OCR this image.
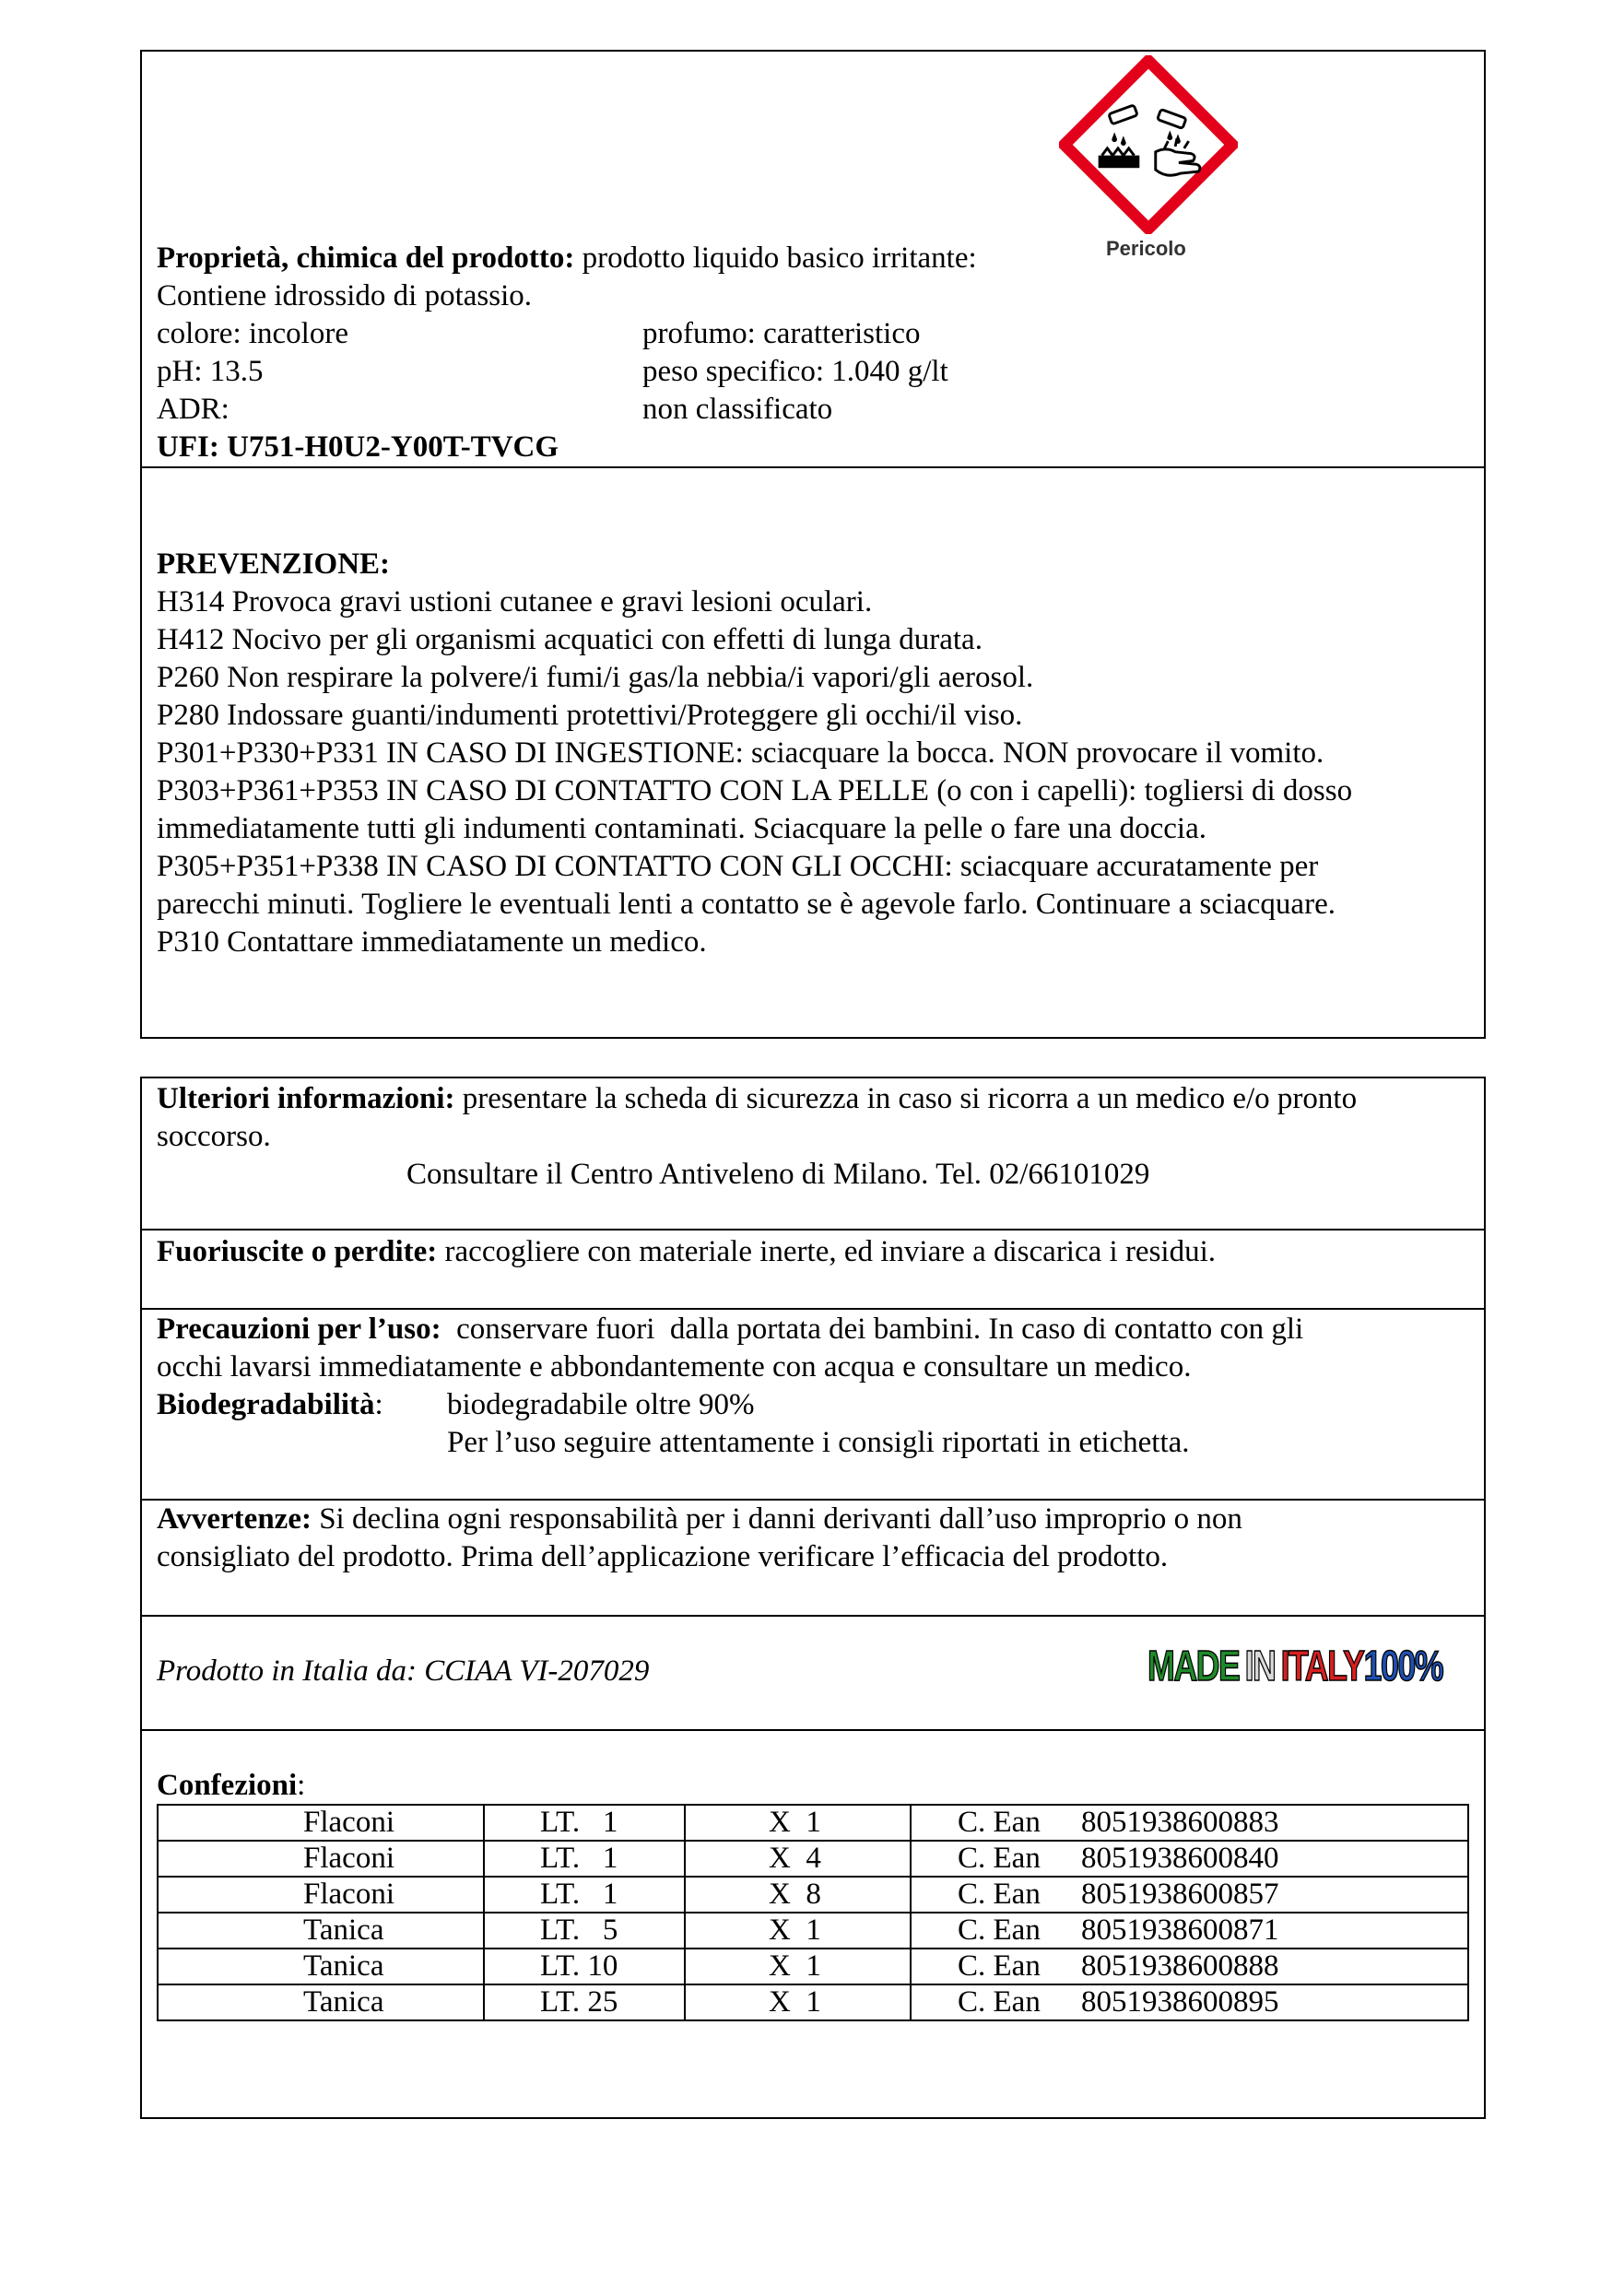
Pericolo
Proprietà, chimica del prodotto: prodotto liquido basico irritante:
Contiene idrossido di potassio.
colore: incolore	profumo: caratteristico
pH: 13.5	peso specifico: 1.040 g/lt
ADR:	non classificato
UFI: U751-H0U2-Y00T-TVCG
PREVENZIONE:
H314 Provoca gravi ustioni cutanee e gravi lesioni oculari.
H412 Nocivo per gli organismi acquatici con effetti di lunga durata.
P260 Non respirare la polvere/i fumi/i gas/la nebbia/i vapori/gli aerosol.
P280 Indossare guanti/indumenti protettivi/Proteggere gli occhi/il viso.
P301+P330+P331 IN CASO DI INGESTIONE: sciacquare la bocca. NON provocare il vomito.
P303+P361+P353 IN CASO DI CONTATTO CON LA PELLE (o con i capelli): togliersi di dosso
immediatamente tutti gli indumenti contaminati. Sciacquare la pelle o fare una doccia.
P305+P351+P338 IN CASO DI CONTATTO CON GLI OCCHI: sciacquare accuratamente per
parecchi minuti. Togliere le eventuali lenti a contatto se è agevole farlo. Continuare a sciacquare.
P310 Contattare immediatamente un medico.
Ulteriori informazioni: presentare la scheda di sicurezza in caso si ricorra a un medico e/o pronto
soccorso.
Consultare il Centro Antiveleno di Milano. Tel. 02/66101029
Fuoriuscite o perdite: raccogliere con materiale inerte, ed inviare a discarica i residui.
Precauzioni per l’uso:  conservare fuori  dalla portata dei bambini. In caso di contatto con gli
occhi lavarsi immediatamente e abbondantemente con acqua e consultare un medico.
Biodegradabilità: biodegradabile oltre 90%
Per l’uso seguire attentamente i consigli riportati in etichetta.
Avvertenze: Si declina ogni responsabilità per i danni derivanti dall’uso improprio o non
consigliato del prodotto. Prima dell’applicazione verificare l’efficacia del prodotto.
Prodotto in Italia da: CCIAA VI-207029	MADE IN ITALY100%
Confezioni:
Flaconi	LT.   1	X  1	C. Ean 8051938600883
Flaconi	LT.   1	X  4	C. Ean 8051938600840
Flaconi	LT.   1	X  8	C. Ean 8051938600857
Tanica	LT.   5	X  1	C. Ean 8051938600871
Tanica	LT. 10	X  1	C. Ean 8051938600888
Tanica	LT. 25	X  1	C. Ean 8051938600895
